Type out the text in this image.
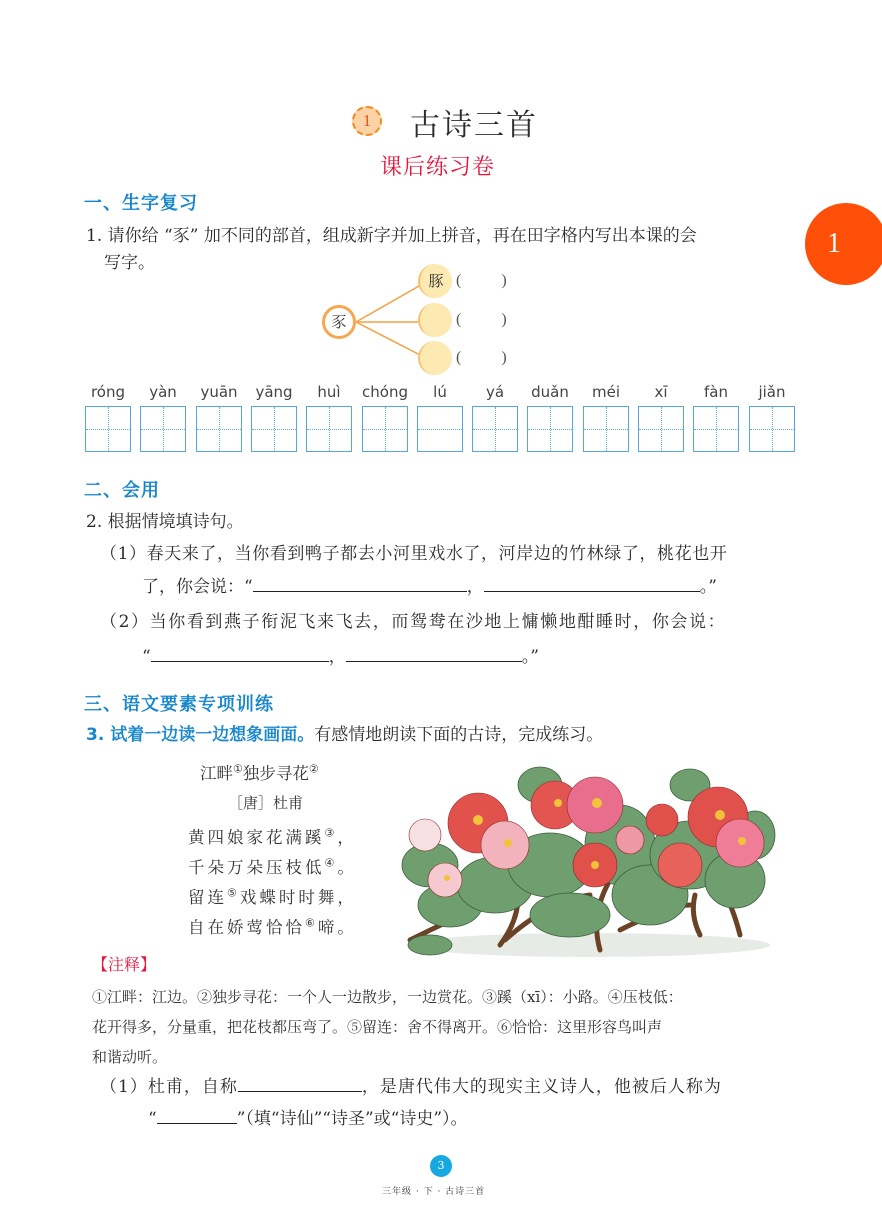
1	古诗三首
课后练习卷
1
一、生字复习
1. 请你给 “豕” 加不同的部首，组成新字并加上拼音，再在田字格内写出本课的会
写字。
豕
豚 (          )
(          )
(          )
róng	yàn	yuān	yāng	huì	chóng	lú	yá	duǎn	méi	xī	fàn	jiǎn
二、会用
2. 根据情境填诗句。
（1）春天来了，当你看到鸭子都去小河里戏水了，河岸边的竹林绿了，桃花也开
了，你会说：“	，	。”
（2）当你看到燕子衔泥飞来飞去，而鸳鸯在沙地上慵懒地酣睡时，你会说：
“	，	。”
三、语文要素专项训练
3. 试着一边读一边想象画面。有感情地朗读下面的古诗，完成练习。
江畔①独步寻花②
［唐］杜甫
黄四娘家花满蹊③，
千朵万朵压枝低④。
留连⑤戏蝶时时舞，
自在娇莺恰恰⑥啼。
【注释】
①江畔：江边。②独步寻花：一个人一边散步，一边赏花。③蹊（xī）：小路。④压枝低：
花开得多，分量重，把花枝都压弯了。⑤留连：舍不得离开。⑥恰恰：这里形容鸟叫声
和谐动听。
（1）杜甫，自称	，是唐代伟大的现实主义诗人，他被后人称为
“	”（填“诗仙”“诗圣”或“诗史”）。
3
三年级 · 下 · 古诗三首
